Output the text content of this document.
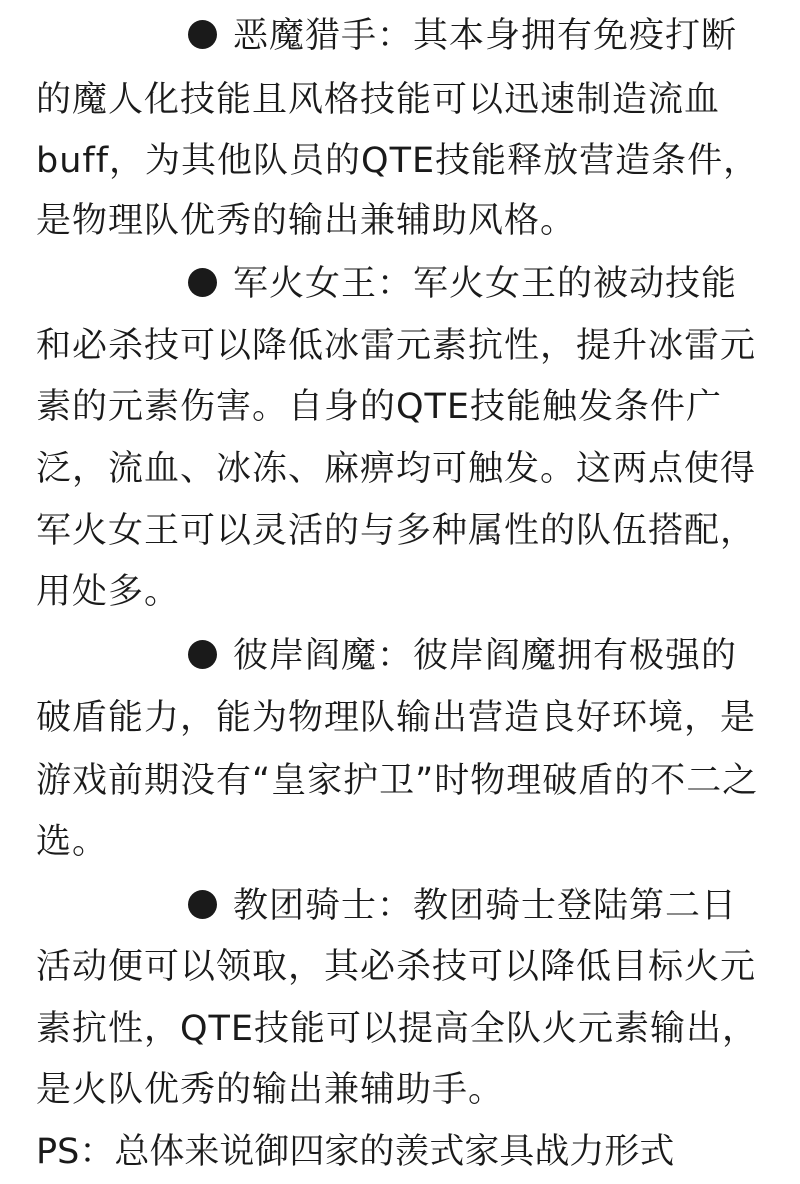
恶魔猎手：其本身拥有免疫打断
的魔人化技能且风格技能可以迅速制造流血
buff，为其他队员的QTE技能释放营造条件，
是物理队优秀的输出兼辅助风格。
军火女王：军火女王的被动技能
和必杀技可以降低冰雷元素抗性，提升冰雷元
素的元素伤害。自身的QTE技能触发条件广
泛，流血、冰冻、麻痹均可触发。这两点使得
军火女王可以灵活的与多种属性的队伍搭配，
用处多。
彼岸阎魔：彼岸阎魔拥有极强的
破盾能力，能为物理队输出营造良好环境，是
游戏前期没有“皇家护卫”时物理破盾的不二之
选。
教团骑士：教团骑士登陆第二日
活动便可以领取，其必杀技可以降低目标火元
素抗性，QTE技能可以提高全队火元素输出，
是火队优秀的输出兼辅助手。
PS：总体来说御四家的羡式家具战力形式
